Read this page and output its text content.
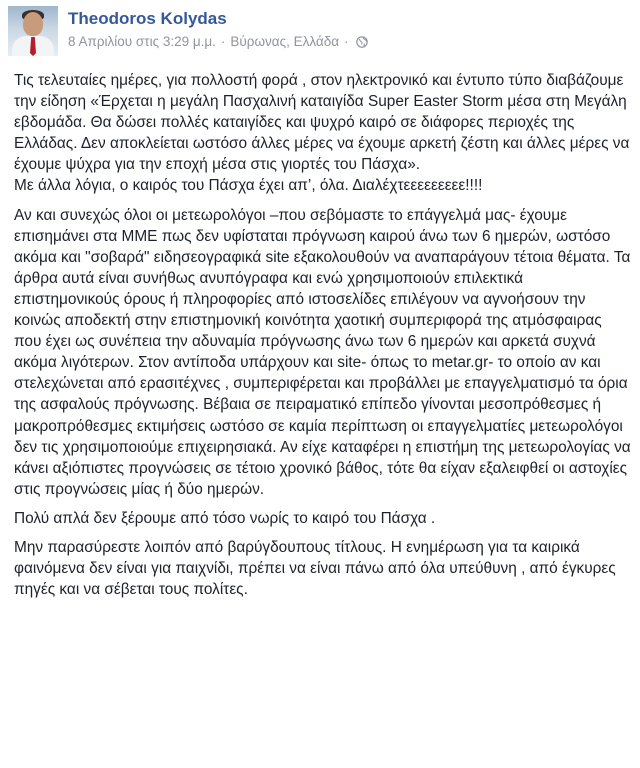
Theodoros Kolydas
8 Απριλίου στις 3:29 μ.μ. · Βύρωνας, Ελλάδα ·

Τις τελευταίες ημέρες, για πολλοστή φορά , στον ηλεκτρονικό και έντυπο τύπο διαβάζουμε την είδηση «Έρχεται η μεγάλη Πασχαλινή καταιγίδα Super Easter Storm μέσα στη Μεγάλη εβδομάδα. Θα δώσει πολλές καταιγίδες και ψυχρό καιρό σε διάφορες περιοχές της Ελλάδας. Δεν αποκλείεται ωστόσο άλλες μέρες να έχουμε αρκετή ζέστη και άλλες μέρες να έχουμε ψύχρα για την εποχή μέσα στις γιορτές του Πάσχα».
Με άλλα λόγια, ο καιρός του Πάσχα έχει απ’, όλα. Διαλέχτεεεεεεεεε!!!!

Αν και συνεχώς όλοι οι μετεωρολόγοι –που σεβόμαστε το επάγγελμά μας- έχουμε επισημάνει στα ΜΜΕ πως δεν υφίσταται πρόγνωση καιρού άνω των 6 ημερών, ωστόσο ακόμα και "σοβαρά" ειδησεογραφικά site εξακολουθούν να αναπαράγουν τέτοια θέματα. Τα άρθρα αυτά είναι συνήθως ανυπόγραφα και ενώ χρησιμοποιούν επιλεκτικά επιστημονικούς όρους ή πληροφορίες από ιστοσελίδες επιλέγουν να αγνοήσουν την κοινώς αποδεκτή στην επιστημονική κοινότητα χαοτική συμπεριφορά της ατμόσφαιρας που έχει ως συνέπεια την αδυναμία πρόγνωσης άνω των 6 ημερών και αρκετά συχνά ακόμα λιγότερων. Στον αντίποδα υπάρχουν και site- όπως το metar.gr- το οποίο αν και στελεχώνεται από ερασιτέχνες , συμπεριφέρεται και προβάλλει με επαγγελματισμό τα όρια της ασφαλούς πρόγνωσης. Βέβαια σε πειραματικό επίπεδο γίνονται μεσοπρόθεσμες ή μακροπρόθεσμες εκτιμήσεις ωστόσο σε καμία περίπτωση οι επαγγελματίες μετεωρολόγοι δεν τις χρησιμοποιούμε επιχειρησιακά. Αν είχε καταφέρει η επιστήμη της μετεωρολογίας να κάνει αξιόπιστες προγνώσεις σε τέτοιο χρονικό βάθος, τότε θα είχαν εξαλειφθεί οι αστοχίες στις προγνώσεις μίας ή δύο ημερών.

Πολύ απλά δεν ξέρουμε από τόσο νωρίς το καιρό του Πάσχα .

Μην παρασύρεστε λοιπόν από βαρύγδουπους τίτλους. Η ενημέρωση για τα καιρικά φαινόμενα δεν είναι για παιχνίδι, πρέπει να είναι πάνω από όλα υπεύθυνη , από έγκυρες πηγές και να σέβεται τους πολίτες.
